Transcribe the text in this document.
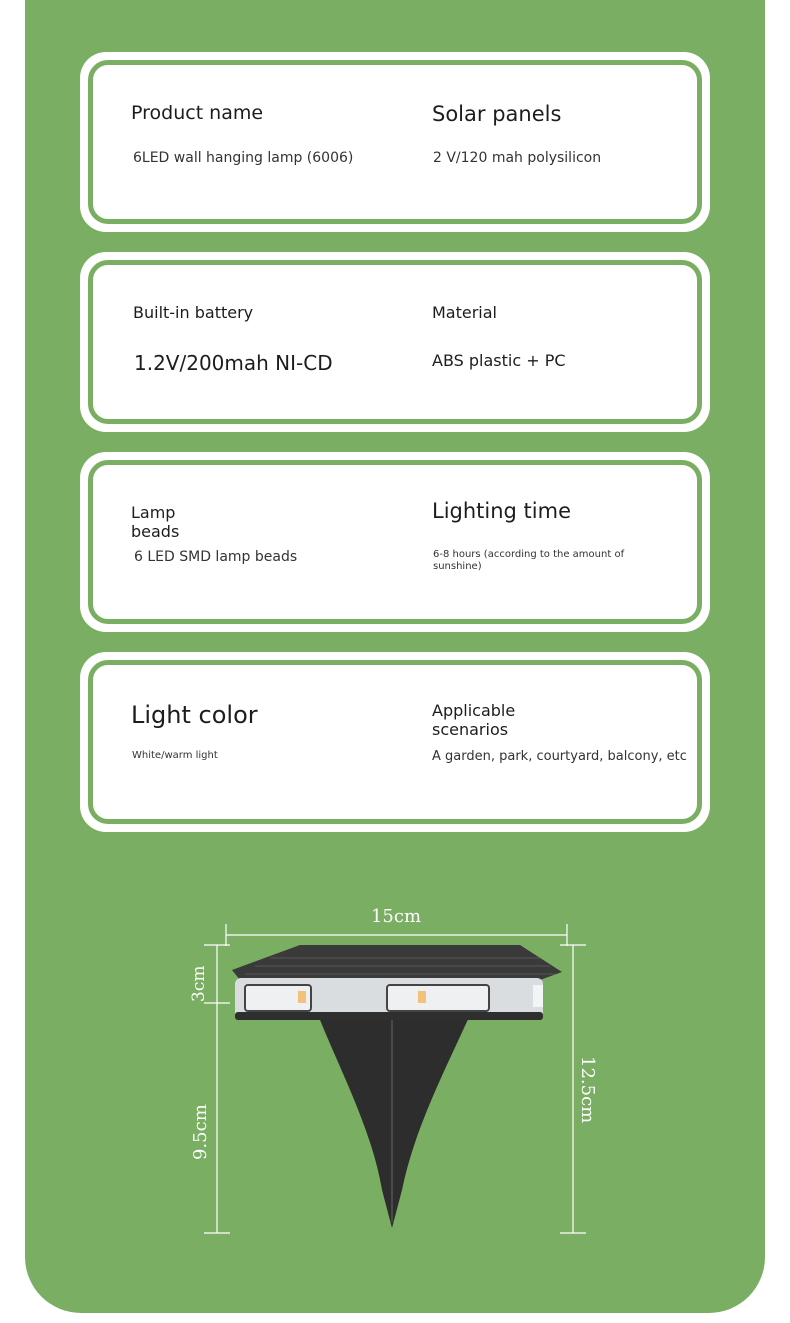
Product name
6LED wall hanging lamp (6006)
Solar panels
2 V/120 mah polysilicon
Built-in battery
1.2V/200mah NI-CD
Material
ABS plastic + PC
Lamp
beads
6 LED SMD lamp beads
Lighting time
6-8 hours (according to the amount of sunshine)
Light color
White/warm light
Applicable
scenarios
A garden, park, courtyard, balcony, etc
15cm
3cm
9.5cm
12.5cm
